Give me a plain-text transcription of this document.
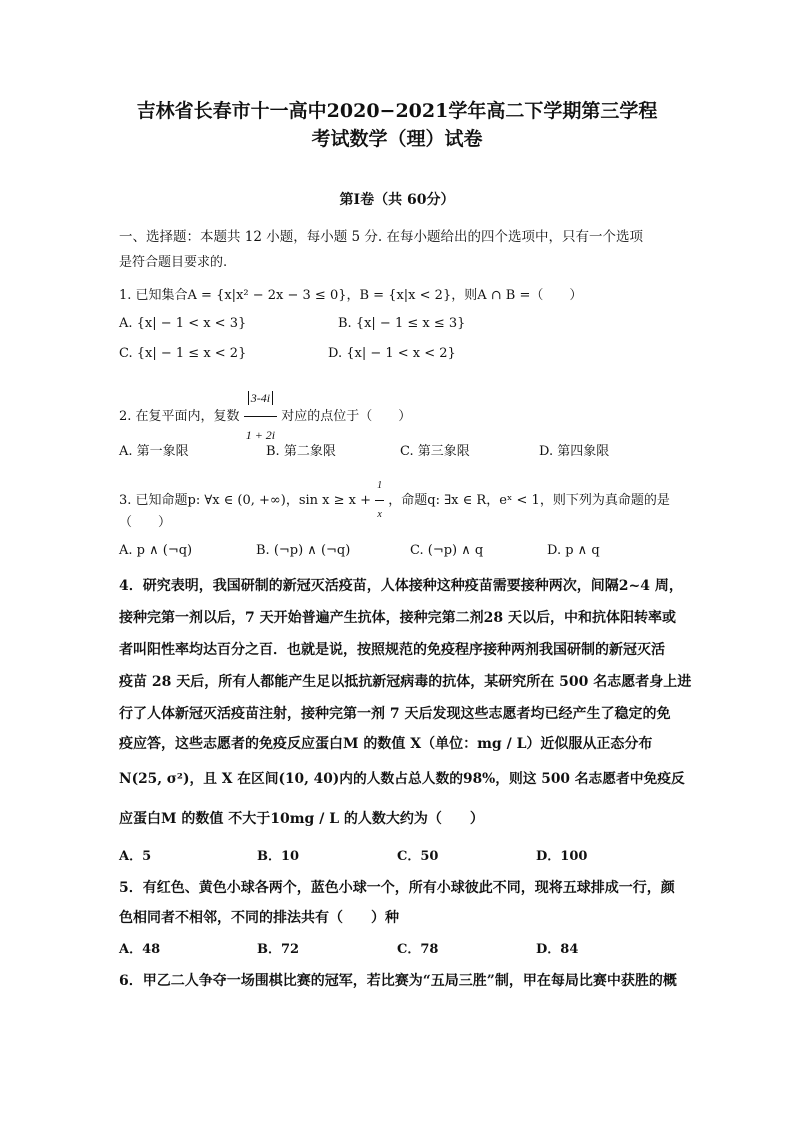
吉林省长春市十一高中2020−2021学年高二下学期第三学程
考试数学（理）试卷
第Ⅰ卷（共 60分）
一、选择题：本题共 12 小题，每小题 5 分. 在每小题给出的四个选项中，只有一个选项
是符合题目要求的.
1. 已知集合A = {x|x² − 2x − 3 ≤ 0}，B = {x|x < 2}，则A ∩ B =（　　）
A. {x| − 1 < x < 3}	B. {x| − 1 ≤ x ≤ 3}
C. {x| − 1 ≤ x < 2}	D. {x| − 1 < x < 2}
2. 在复平面内，复数 $\frac{3-4i}{1 + 2i}$ 对应的点位于（　　）
A. 第一象限	B. 第二象限	C. 第三象限	D. 第四象限
3. 已知命题p: ∀x ∈ (0, +∞)，$\sin x \ge x + \frac{1}{x}$ ，命题q: ∃x ∈ R，eˣ < 1，则下列为真命题的是
（　　）
A. p ∧ (¬q)	B. (¬p) ∧ (¬q)	C. (¬p) ∧ q	D. p ∧ q
4．研究表明，我国研制的新冠灭活疫苗，人体接种这种疫苗需要接种两次，间隔2~4 周，
接种完第一剂以后，7 天开始普遍产生抗体，接种完第二剂28 天以后，中和抗体阳转率或
者叫阳性率均达百分之百．也就是说，按照规范的免疫程序接种两剂我国研制的新冠灭活
疫苗 28 天后，所有人都能产生足以抵抗新冠病毒的抗体，某研究所在 500 名志愿者身上进
行了人体新冠灭活疫苗注射，接种完第一剂 7 天后发现这些志愿者均已经产生了稳定的免
疫应答，这些志愿者的免疫反应蛋白M 的数值 X（单位：mg / L）近似服从正态分布
N(25, σ²)，且 X 在区间(10, 40)内的人数占总人数的98%，则这 500 名志愿者中免疫反
应蛋白M 的数值 不大于10mg / L 的人数大约为（　　）
A．5	B．10	C．50	D．100
5．有红色、黄色小球各两个，蓝色小球一个，所有小球彼此不同，现将五球排成一行，颜
色相同者不相邻，不同的排法共有（　　）种
A．48	B．72	C．78	D．84
6．甲乙二人争夺一场围棋比赛的冠军，若比赛为“五局三胜”制，甲在每局比赛中获胜的概
